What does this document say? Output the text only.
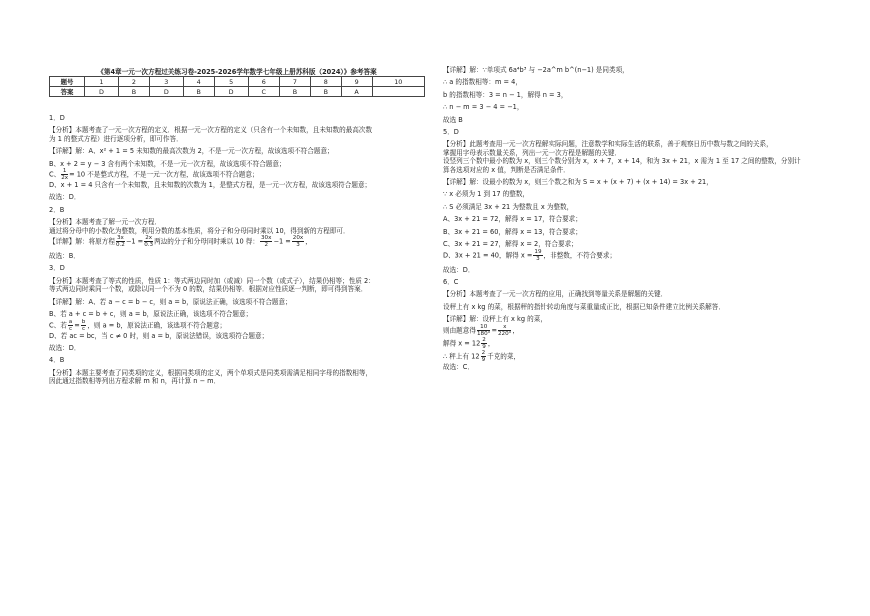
《第4章一元一次方程过关练习卷-2025-2026学年数学七年级上册苏科版（2024）》参考答案
题号	1	2	3	4	5	6	7	8	9	10
答案	D	B	D	B	D	C	B	B	A	
1．D
【分析】本题考查了一元一次方程的定义．根据一元一次方程的定义（只含有一个未知数，且未知数的最高次数
为 1 的整式方程）进行逐项分析，即可作答．
【详解】解：A、x² + 1 = 5 未知数的最高次数为 2，不是一元一次方程，故该选项不符合题意；
B、x + 2 = y − 3 含有两个未知数，不是一元一次方程，故该选项不符合题意；
C、 $\frac{1}{2x} = 10$ 不是整式方程，不是一元一次方程，故该选项不符合题意；
D、x + 1 = 4 只含有一个未知数，且未知数的次数为 1，是整式方程，是一元一次方程，故该选项符合题意；
故选：D．
2．B
【分析】本题考查了解一元一次方程．
通过将分母中的小数化为整数，利用分数的基本性质，将分子和分母同时乘以 10，得到新的方程即可．
【详解】解：将原方程 $\frac{3x}{0.2} -1 = \frac{2x}{0.3}$ 两边的分子和分母同时乘以 10 得： $\frac{30x}{2} -1 = \frac{20x}{3}$ ，
故选：B．
3．D
【分析】本题考查了等式的性质，性质 1：等式两边同时加（或减）同一个数（或式子），结果仍相等；性质 2：
等式两边同时乘同一个数，或除以同一个不为 0 的数，结果仍相等．根据对应性质逐一判断，即可得到答案．
【详解】解：A、若 a − c = b − c，则 a = b，原说法正确，该选项不符合题意；
B、若 a + c = b + c，则 a = b，原说法正确，该选项不符合题意；
C、若 $\frac{a}{c} = \frac{b}{c}$ ，则 a = b，原说法正确，该选项不符合题意；
D、若 ac = bc，当 c ≠ 0 时，则 a = b，原说法错误，该选项符合题意；
故选：D．
4．B
【分析】本题主要考查了同类项的定义，根据同类项的定义，两个单项式是同类项需满足相同字母的指数相等，
因此通过指数相等列出方程求解 m 和 n，再计算 n − m．
【详解】解：∵单项式 6a⁴b³ 与 −2a^m b^(n−1) 是同类项，
∴ a 的指数相等：m = 4，
b 的指数相等：3 = n − 1，解得 n = 3，
∴ n − m = 3 − 4 = −1，
故选 B
5．D
【分析】此题考查用一元一次方程解实际问题，注意数学和实际生活的联系，善于观察日历中数与数之间的关系，
掌握用字母表示数量关系，列出一元一次方程是解题的关键．
设竖列三个数中最小的数为 x，则三个数分别为 x，x + 7，x + 14，和为 3x + 21，x 需为 1 至 17 之间的整数，分别计
算各选项对应的 x 值，判断是否满足条件．
【详解】解：设最小的数为 x，则三个数之和为 S = x + (x + 7) + (x + 14) = 3x + 21，
∵ x 必须为 1 到 17 的整数，
∴ S 必须满足 3x + 21 为整数且 x 为整数，
A、3x + 21 = 72，解得 x = 17，符合要求；
B、3x + 21 = 60，解得 x = 13，符合要求；
C、3x + 21 = 27，解得 x = 2，符合要求；
D、3x + 21 = 40，解得 $x = \frac{19}{3}$ ，非整数，不符合要求；
故选：D．
6．C
【分析】本题考查了一元一次方程的应用，正确找到等量关系是解题的关键．
设秤上有 x kg 的菜，根据秤的指针转动角度与菜重量成正比，根据已知条件建立比例关系解答．
【详解】解：设秤上有 x kg 的菜，
则由题意得 $\frac{10}{180^\circ} = \frac{x}{220^\circ}$ ，
解得 $x = 12 \frac{2}{9}$ ，
∴ 秤上有 $12 \frac{2}{9}$ 千克的菜，
故选：C．
